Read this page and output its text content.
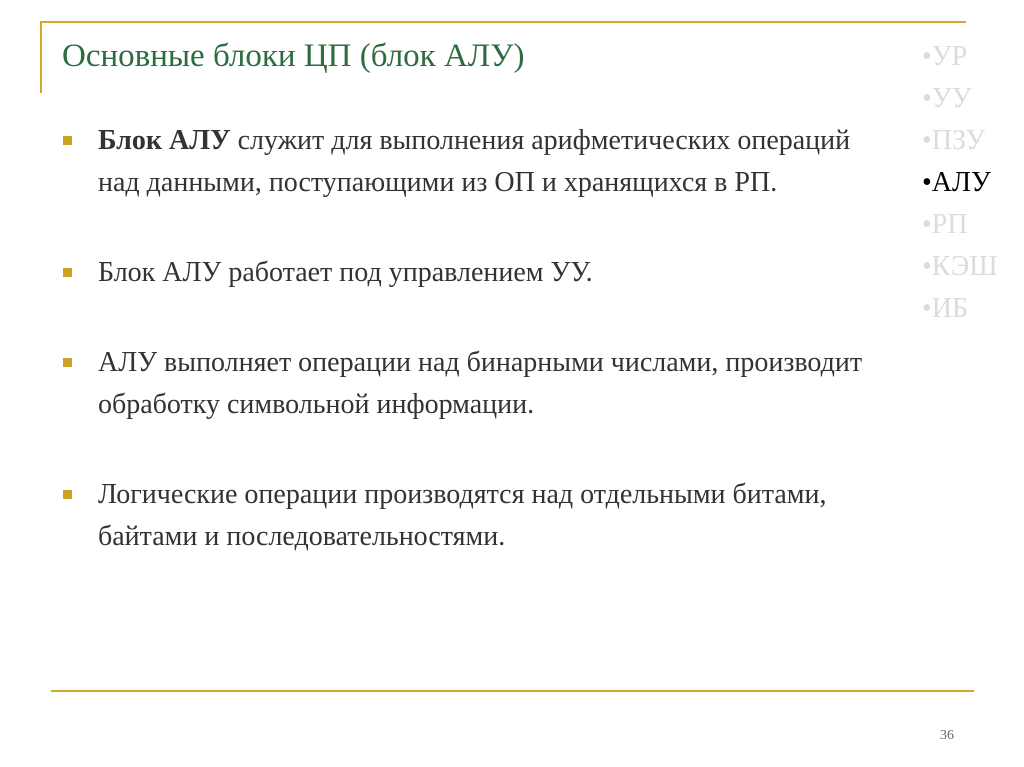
Основные блоки ЦП (блок АЛУ)
Блок АЛУ служит для выполнения арифметических операций над данными, поступающими из ОП и хранящихся в РП.
Блок АЛУ работает под управлением УУ.
АЛУ выполняет операции над бинарными числами, производит обработку символьной информации.
Логические операции производятся над отдельными битами, байтами и последовательностями.
•УР
•УУ
•ПЗУ
•АЛУ
•РП
•КЭШ
•ИБ
36
